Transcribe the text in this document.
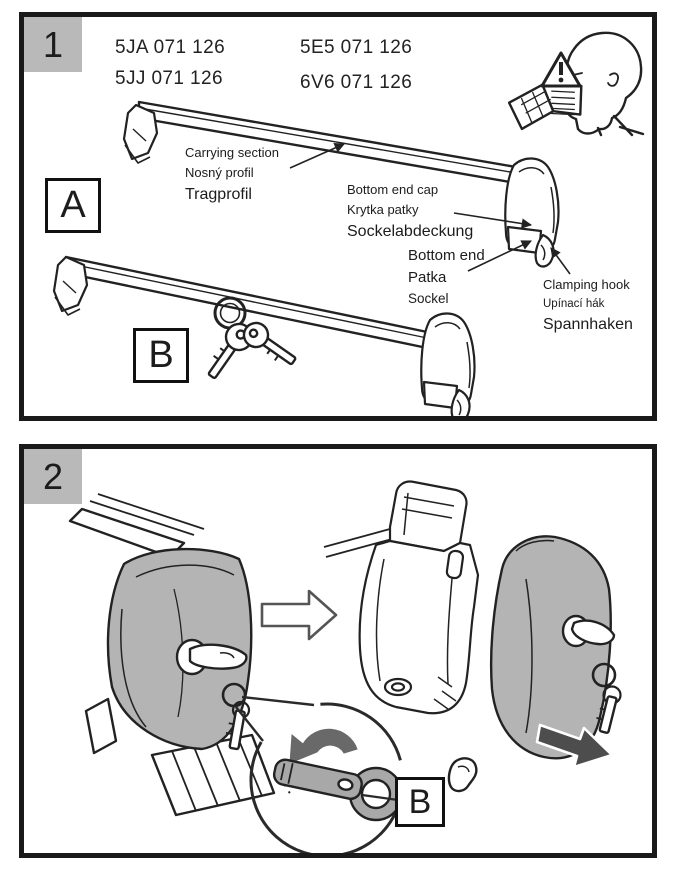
1	5JA 071 126
5JJ 071 126
5E5 071 126
6V6 071 126
A
B
Carrying section
Nosný profil
Tragprofil	Bottom end cap
Krytka patky
Sockelabdeckung
Bottom end
Patka
Sockel
Clamping hook
Upínací hák
Spannhaken
2
B
